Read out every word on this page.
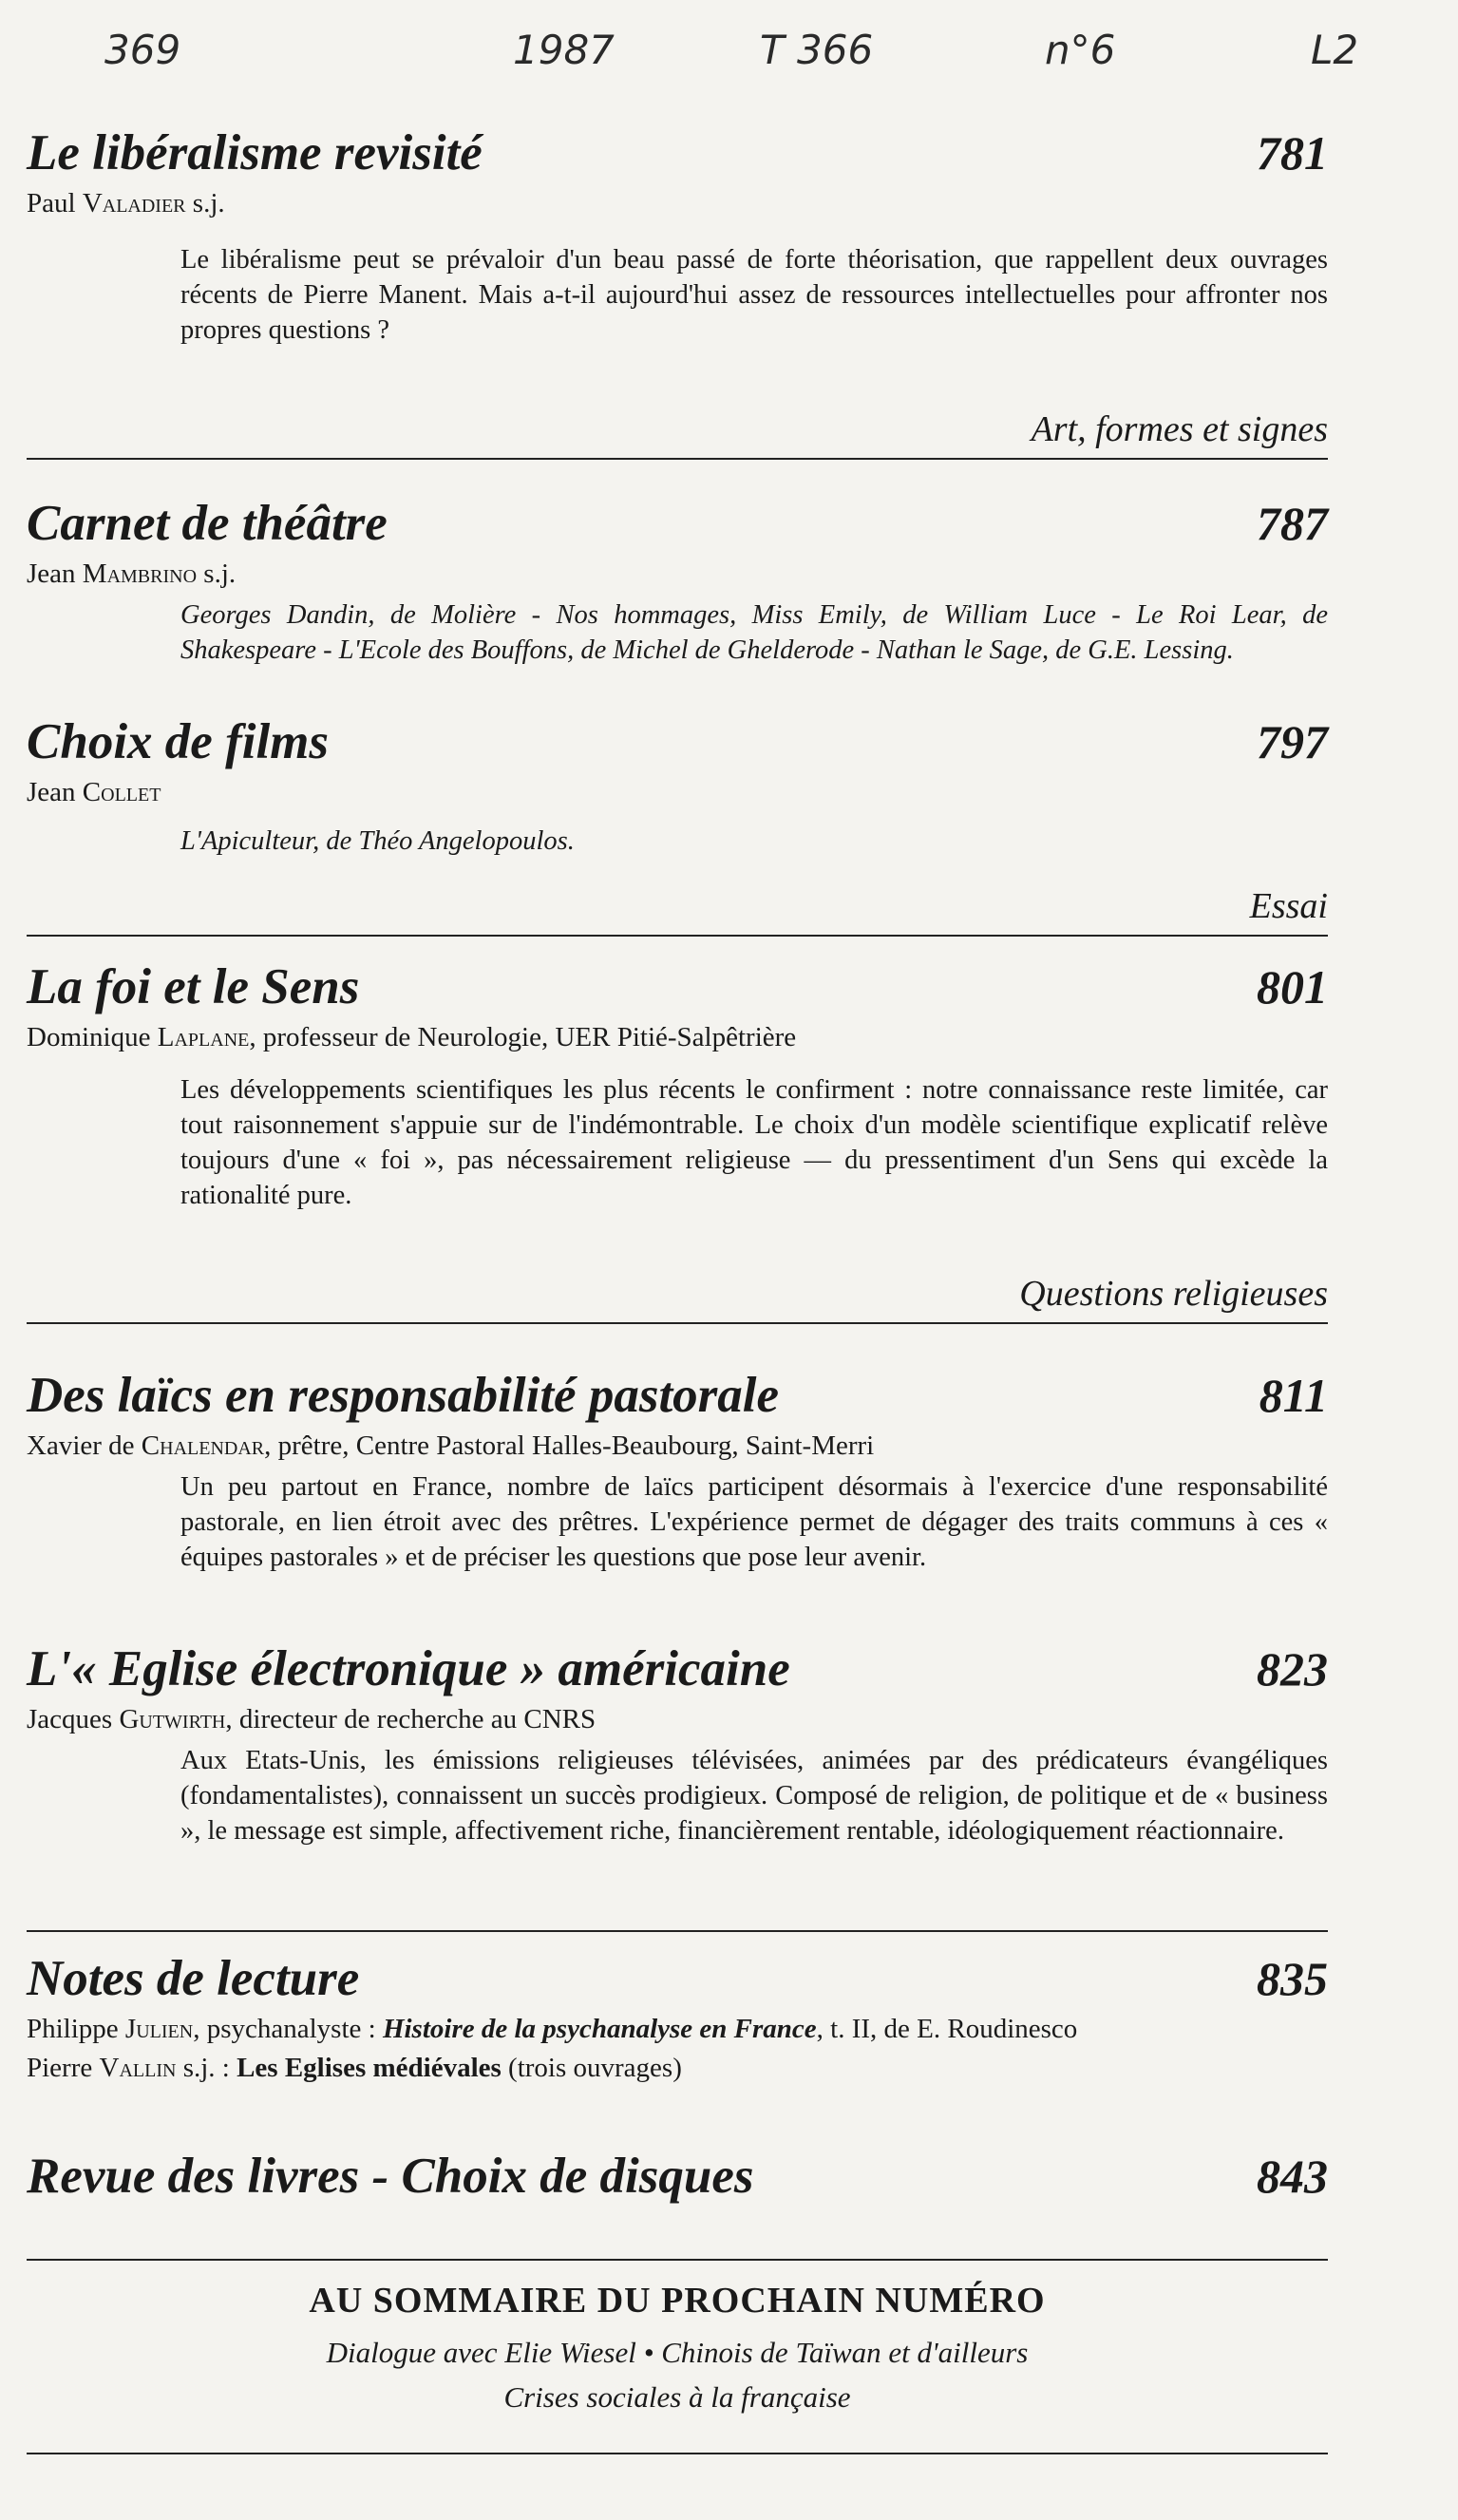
369	1987	T 366	n°6	L2
Le libéralisme revisité	781
Paul Valadier s.j.
Le libéralisme peut se prévaloir d'un beau passé de forte théorisation, que rappellent deux ouvrages récents de Pierre Manent. Mais a-t-il aujourd'hui assez de ressources intellectuelles pour affronter nos propres questions ?
Art, formes et signes
Carnet de théâtre	787
Jean Mambrino s.j.
Georges Dandin, de Molière - Nos hommages, Miss Emily, de William Luce - Le Roi Lear, de Shakespeare - L'Ecole des Bouffons, de Michel de Ghelderode - Nathan le Sage, de G.E. Lessing.
Choix de films	797
Jean Collet
L'Apiculteur, de Théo Angelopoulos.
Essai
La foi et le Sens	801
Dominique Laplane, professeur de Neurologie, UER Pitié-Salpêtrière
Les développements scientifiques les plus récents le confirment : notre connaissance reste limitée, car tout raisonnement s'appuie sur de l'indémontrable. Le choix d'un modèle scientifique explicatif relève toujours d'une « foi », pas nécessairement religieuse — du pressentiment d'un Sens qui excède la rationalité pure.
Questions religieuses
Des laïcs en responsabilité pastorale	811
Xavier de Chalendar, prêtre, Centre Pastoral Halles-Beaubourg, Saint-Merri
Un peu partout en France, nombre de laïcs participent désormais à l'exercice d'une responsabilité pastorale, en lien étroit avec des prêtres. L'expérience permet de dégager des traits communs à ces « équipes pastorales » et de préciser les questions que pose leur avenir.
L'« Eglise électronique » américaine	823
Jacques Gutwirth, directeur de recherche au CNRS
Aux Etats-Unis, les émissions religieuses télévisées, animées par des prédicateurs évangéliques (fondamentalistes), connaissent un succès prodigieux. Composé de religion, de politique et de « business », le message est simple, affectivement riche, financièrement rentable, idéologiquement réactionnaire.
Notes de lecture	835
Philippe Julien, psychanalyste : Histoire de la psychanalyse en France, t. II, de E. Roudinesco
Pierre Vallin s.j. : Les Eglises médiévales (trois ouvrages)
Revue des livres - Choix de disques	843
AU SOMMAIRE DU PROCHAIN NUMÉRO
Dialogue avec Elie Wiesel • Chinois de Taïwan et d'ailleurs
Crises sociales à la française
